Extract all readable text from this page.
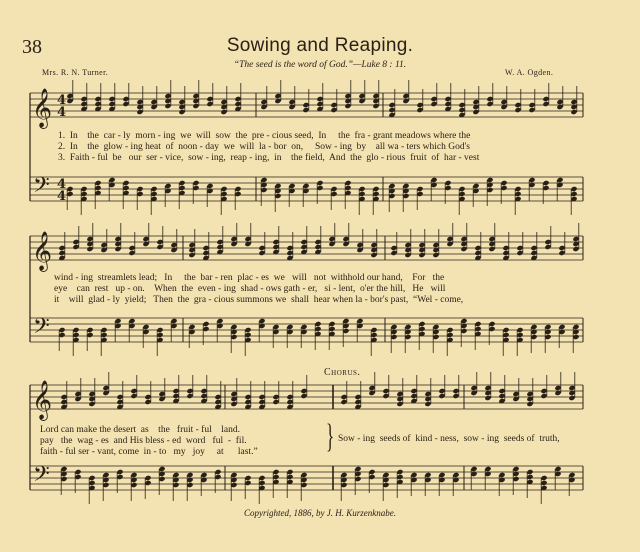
38	Sowing and Reaping.
“The seed is the word of God.”—Luke 8 : 11.
Mrs. R. N. Turner.	W. A. Ogden.
𝄞
𝄢
4
4
4
4
𝄞
𝄢
𝄞
𝄢
1.  In    the  car - ly  morn - ing  we  will  sow  the  pre - cious seed,  In     the  fra - grant meadows where the
2.  In    the  glow - ing heat  of  noon - day  we  will  la - bor  on,     Sow - ing  by    all wa - ters which God's
3.  Faith - ful  be   our  ser - vice,  sow - ing,  reap - ing,  in    the field,  And  the  glo - rious  fruit  of  har - vest
wind - ing  streamlets lead;   In     the  bar - ren  plac - es  we   will   not  withhold our hand,    For   the
eye    can  rest   up - on.    When  the  even - ing  shad - ows gath - er,   si - lent,  o'er the hill,   He   will
it    will  glad - ly  yield;   Then  the  gra - cious summons we  shall  hear when la - bor's past,  “Wel - come,
Chorus.
Lord can make the desert  as    the   fruit - ful    land.
pay   the  wag - es  and His bless - ed  word   ful  -  fil.
faith - ful ser - vant, come  in - to   my   joy     at      last.” } Sow - ing  seeds of  kind - ness,  sow - ing  seeds of  truth,
Copyrighted, 1886, by J. H. Kurzenknabe.
